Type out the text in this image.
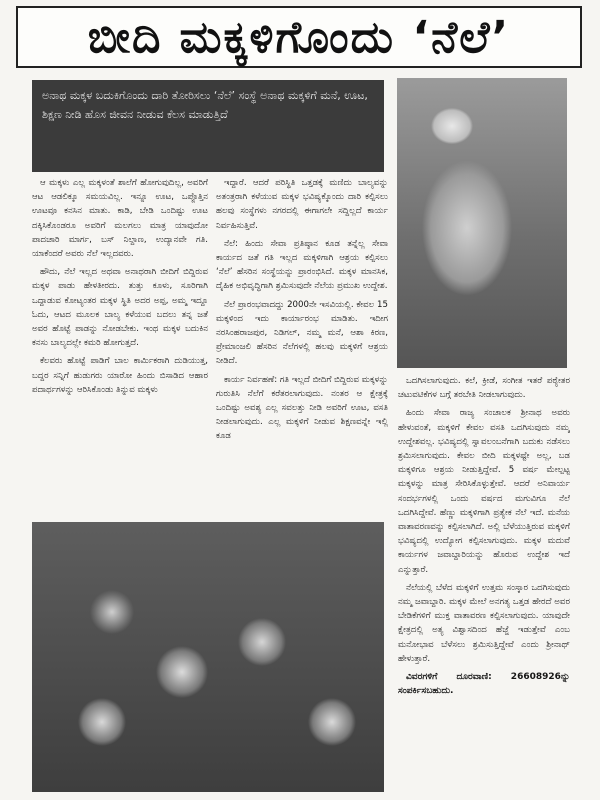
ಬೀದಿ ಮಕ್ಕಳಿಗೊಂದು ‘ನೆಲೆ’
ಅನಾಥ ಮಕ್ಕಳ ಬದುಕಿಗೊಂದು ದಾರಿ ತೋರಿಸಲು ‘ನೆಲೆ’ ಸಂಸ್ಥೆ ಅನಾಥ ಮಕ್ಕಳಿಗೆ ಮನೆ, ಊಟ, ಶಿಕ್ಷಣ ನೀಡಿ ಹೊಸ ಜೀವನ ನೀಡುವ ಕೆಲಸ ಮಾಡುತ್ತಿದೆ

ಆ ಮಕ್ಕಳು ಎಲ್ಲ ಮಕ್ಕಳಂತೆ ಶಾಲೆಗೆ ಹೋಗುವುದಿಲ್ಲ, ಅವರಿಗೆ ಆಟ ಆಡಲಿಕ್ಕೂ ಸಮಯವಿಲ್ಲ. ಇನ್ನೂ ಊಟ, ಒಪ್ಪೊತ್ತಿನ ಊಟವೂ ಕನಸಿನ ಮಾತು. ಕಾಡಿ, ಬೇಡಿ ಒಂದಿಷ್ಟು ಊಟ ದಕ್ಕಿಸಿಕೊಂಡರೂ ಅವರಿಗೆ ಮಲಗಲು ಮಾತ್ರ ಯಾವುದೋ ಪಾದಚಾರಿ ಮಾರ್ಗ, ಬಸ್ ನಿಲ್ದಾಣ, ಉದ್ಯಾನವೇ ಗತಿ. ಯಾಕೆಂದರೆ ಅವರು ನೆಲೆ ಇಲ್ಲದವರು.

ಹೌದು, ನೆಲೆ ಇಲ್ಲದ ಅಥವಾ ಅನಾಥರಾಗಿ ಬೀದಿಗೆ ಬಿದ್ದಿರುವ ಮಕ್ಕಳ ಪಾಡು ಹೇಳತೀರದು. ತುತ್ತು ಕೂಳು, ಸೂರಿಗಾಗಿ ಒದ್ದಾಡುವ ಕೋಟ್ಯಂತರ ಮಕ್ಕಳ ಸ್ಥಿತಿ ಅದರ ಅಪ್ಪ, ಅಮ್ಮ ಇದ್ದೂ ಓದು, ಆಟದ ಮೂಲಕ ಬಾಲ್ಯ ಕಳೆಯುವ ಬದಲು ತನ್ನ ಜತೆ ಅವರ ಹೊಟ್ಟೆ ಪಾಡನ್ನು ನೋಡಬೇಕು. ಇಂಥ ಮಕ್ಕಳ ಬದುಕಿನ ಕನಸು ಬಾಲ್ಯದಲ್ಲೇ ಕಮರಿ ಹೋಗುತ್ತದೆ.

ಕೆಲವರು ಹೊಟ್ಟೆ ಪಾಡಿಗೆ ಬಾಲ ಕಾರ್ಮಿಕರಾಗಿ ದುಡಿಯುತ್ತ, ಬದ್ದರ ಸನ್ನಿಗೆ ಹುಡುಗರು ಯಾರೋ ಹಿಂದು ಬಿಸಾಡಿದ ಆಹಾರ ಪದಾರ್ಥಗಳನ್ನು ಆರಿಸಿಕೊಂಡು ತಿನ್ನುವ ಮಕ್ಕಳು

ಇದ್ದಾರೆ. ಆದರೆ ಪರಿಸ್ಥಿತಿ ಒತ್ತಡಕ್ಕೆ ಮಣಿದು ಬಾಲ್ಯವನ್ನು ಅತಂತ್ರರಾಗಿ ಕಳೆಯುವ ಮಕ್ಕಳ ಭವಿಷ್ಯಕ್ಕೊಂದು ದಾರಿ ಕಲ್ಪಿಸಲು ಹಲವು ಸಂಸ್ಥೆಗಳು ನಗರದಲ್ಲಿ ಈಗಾಗಲೇ ಸದ್ದಿಲ್ಲದೆ ಕಾರ್ಯ ನಿರ್ವಹಿಸುತ್ತಿವೆ.

ನೆಲೆ: ಹಿಂದು ಸೇವಾ ಪ್ರತಿಷ್ಠಾನ ಕೂಡ ತನ್ನೆಲ್ಲ ಸೇವಾ ಕಾರ್ಯದ ಜತೆ ಗತಿ ಇಲ್ಲದ ಮಕ್ಕಳಿಗಾಗಿ ಆಶ್ರಯ ಕಲ್ಪಿಸಲು ‘ನೆಲೆ’ ಹೆಸರಿನ ಸಂಸ್ಥೆಯನ್ನು ಪ್ರಾರಂಭಿಸಿದೆ. ಮಕ್ಕಳ ಮಾನಸಿಕ, ದೈಹಿಕ ಅಭಿವೃದ್ಧಿಗಾಗಿ ಶ್ರಮಿಸುವುದೇ ನೆಲೆಯ ಪ್ರಮುಖ ಉದ್ದೇಶ.

ನೆಲೆ ಪ್ರಾರಂಭವಾದದ್ದು 2000ನೇ ಇಸವಿಯಲ್ಲಿ. ಕೇವಲ 15 ಮಕ್ಕಳಿಂದ ಇದು ಕಾರ್ಯಾರಂಭ ಮಾಡಿತು. ಇದೀಗ ನರಸಿಂಹರಾಜಪುರ, ನಿಡಿಗಲ್, ನಮ್ಮ ಮನೆ, ಆಶಾ ಕಿರಣ, ಪ್ರೇಮಾಂಜಲಿ ಹೆಸರಿನ ನೆಲೆಗಳಲ್ಲಿ ಹಲವು ಮಕ್ಕಳಿಗೆ ಆಶ್ರಯ ನೀಡಿದೆ.

ಕಾರ್ಯ ನಿರ್ವಹಣೆ: ಗತಿ ಇಲ್ಲದೆ ಬೀದಿಗೆ ಬಿದ್ದಿರುವ ಮಕ್ಕಳನ್ನು ಗುರುತಿಸಿ ನೆಲೆಗೆ ಕರೆತರಲಾಗುವುದು. ನಂತರ ಆ ಕ್ಷೇತ್ರಕ್ಕೆ ಒಂದಿಷ್ಟು ಅವಶ್ಯ ಎಲ್ಲ ಸವಲತ್ತು ನೀಡಿ ಅವರಿಗೆ ಊಟ, ವಸತಿ ನೀಡಲಾಗುವುದು. ಎಲ್ಲ ಮಕ್ಕಳಿಗೆ ನೀಡುವ ಶಿಕ್ಷಣವನ್ನೇ ಇಲ್ಲಿ ಕೂಡ

ಒದಗಿಸಲಾಗುವುದು. ಕಲೆ, ಕ್ರೀಡೆ, ಸಂಗೀತ ಇತರೆ ಪಠ್ಯೇತರ ಚಟುವಟಿಕೆಗಳ ಬಗ್ಗೆ ತರಬೇತಿ ನೀಡಲಾಗುವುದು.

ಹಿಂದು ಸೇವಾ ರಾಜ್ಯ ಸಂಚಾಲಕ ಶ್ರೀನಾಥ ಅವರು ಹೇಳುವಂತೆ, ಮಕ್ಕಳಿಗೆ ಕೇವಲ ವಸತಿ ಒದಗಿಸುವುದು ನಮ್ಮ ಉದ್ದೇಶವಲ್ಲ. ಭವಿಷ್ಯದಲ್ಲಿ ಸ್ವಾವಲಂಬನೆಗಾಗಿ ಬದುಕು ನಡೆಸಲು ಶ್ರಮಿಸಲಾಗುವುದು. ಕೇವಲ ಬೀದಿ ಮಕ್ಕಳಷ್ಟೇ ಅಲ್ಲ, ಬಡ ಮಕ್ಕಳಿಗೂ ಆಶ್ರಯ ನೀಡುತ್ತಿದ್ದೇವೆ. 5 ವರ್ಷ ಮೇಲ್ಪಟ್ಟ ಮಕ್ಕಳನ್ನು ಮಾತ್ರ ಸೇರಿಸಿಕೊಳ್ಳುತ್ತೇವೆ. ಆದರೆ ಅನಿವಾರ್ಯ ಸಂದರ್ಭಗಳಲ್ಲಿ ಒಂದು ವರ್ಷದ ಮಗುವಿಗೂ ನೆಲೆ ಒದಗಿಸಿದ್ದೇವೆ. ಹೆಣ್ಣು ಮಕ್ಕಳಿಗಾಗಿ ಪ್ರತ್ಯೇಕ ನೆಲೆ ಇದೆ. ಮನೆಯ ವಾತಾವರಣವನ್ನು ಕಲ್ಪಿಸಲಾಗಿದೆ. ಅಲ್ಲಿ ಬೆಳೆಯುತ್ತಿರುವ ಮಕ್ಕಳಿಗೆ ಭವಿಷ್ಯದಲ್ಲಿ ಉದ್ಯೋಗ ಕಲ್ಪಿಸಲಾಗುವುದು. ಮಕ್ಕಳ ಮದುವೆ ಕಾರ್ಯಗಳ ಜವಾಬ್ದಾರಿಯನ್ನು ಹೊರುವ ಉದ್ದೇಶ ಇದೆ ಎನ್ನುತ್ತಾರೆ.

ನೆಲೆಯಲ್ಲಿ ಬೆಳೆದ ಮಕ್ಕಳಿಗೆ ಉತ್ತಮ ಸಂಸ್ಕಾರ ಒದಗಿಸುವುದು ನಮ್ಮ ಜವಾಬ್ದಾರಿ. ಮಕ್ಕಳ ಮೇಲೆ ಅನಗತ್ಯ ಒತ್ತಡ ಹೇರದೆ ಅವರ ಬೇಡಿಕೆಗಳಿಗೆ ಮುಕ್ತ ವಾತಾವರಣ ಕಲ್ಪಿಸಲಾಗುವುದು. ಯಾವುದೇ ಕ್ಷೇತ್ರದಲ್ಲಿ ಅತ್ಯ ವಿಶ್ವಾಸದಿಂದ ಹೆಜ್ಜೆ ಇಡುತ್ತೇವೆ ಎಂಬ ಮನೋಭಾವ ಬೆಳೆಸಲು ಶ್ರಮಿಸುತ್ತಿದ್ದೇವೆ ಎಂದು ಶ್ರೀನಾಥ್ ಹೇಳುತ್ತಾರೆ.

ವಿವರಗಳಿಗೆ ದೂರವಾಣಿ: 26608926ನ್ನು ಸಂಪರ್ಕಿಸಬಹುದು.
